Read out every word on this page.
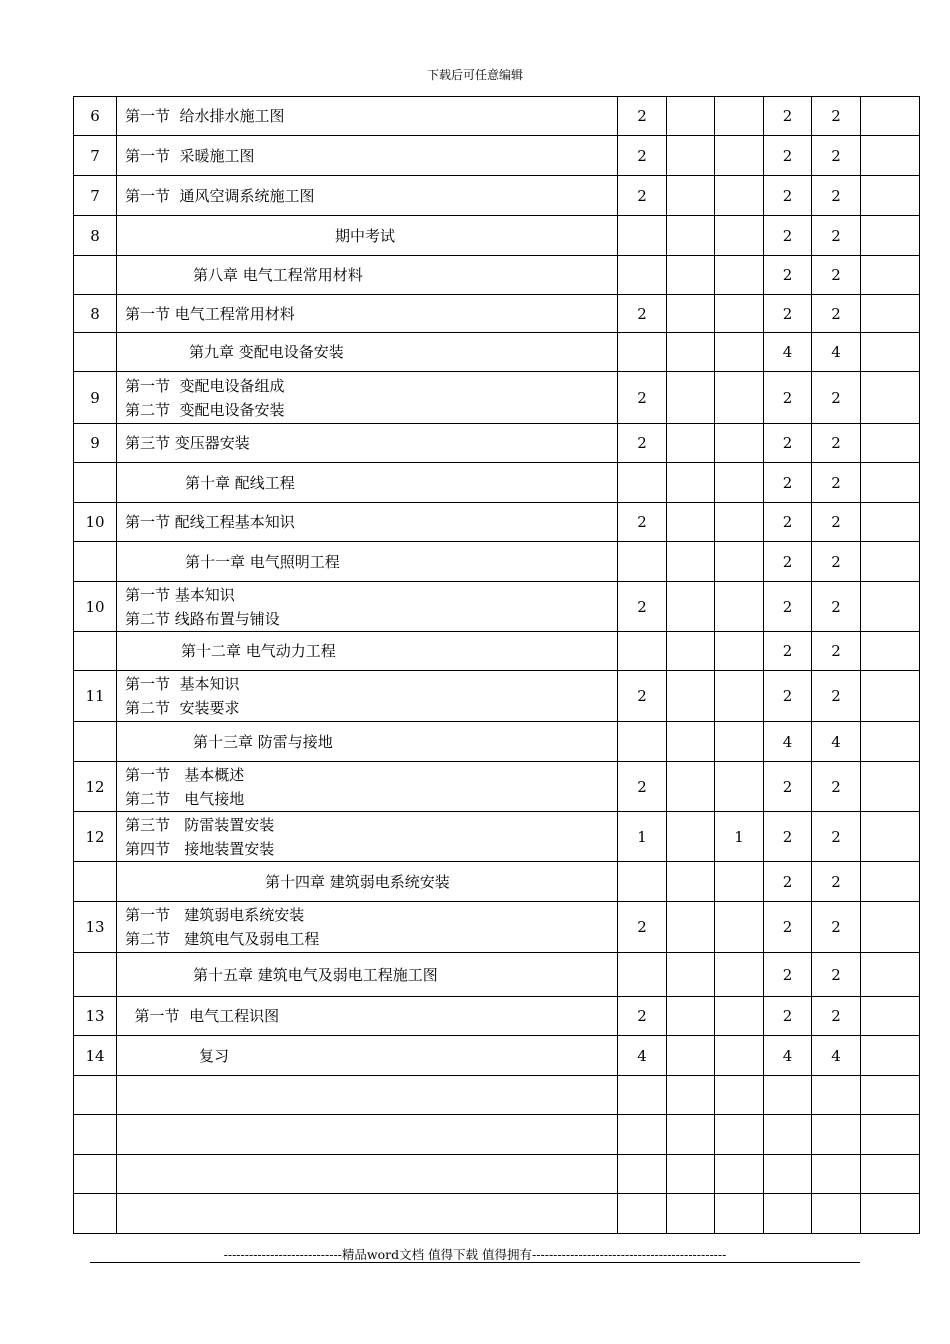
下载后可任意编辑
6	第一节  给水排水施工图	2			2	2	
7	第一节  采暖施工图	2			2	2	
7	第一节  通风空调系统施工图	2			2	2	
8	期中考试				2	2	

	第八章 电气工程常用材料				2	2	
8	第一节 电气工程常用材料	2			2	2	

	第九章 变配电设备安装				4	4	
9	第一节  变配电设备组成
第二节  变配电设备安装	2			2	2	
9	第三节 变压器安装	2			2	2	

	第十章 配线工程				2	2	
10	第一节 配线工程基本知识	2			2	2	

	第十一章 电气照明工程				2	2	
10	第一节 基本知识
第二节 线路布置与铺设	2			2	2	

	第十二章 电气动力工程				2	2	
11	第一节  基本知识
第二节  安装要求	2			2	2	

	第十三章 防雷与接地				4	4	
12	第一节   基本概述
第二节   电气接地	2			2	2	
12	第三节   防雷装置安装
第四节   接地装置安装	1		1	2	2	

	第十四章 建筑弱电系统安装				2	2	
13	第一节   建筑弱电系统安装
第二节   建筑电气及弱电工程	2			2	2	

	第十五章 建筑电气及弱电工程施工图				2	2	
13	第一节  电气工程识图	2			2	2	
14	复习	4			4	4	

----------------------------精品word文档 值得下载 值得拥有----------------------------------------------
